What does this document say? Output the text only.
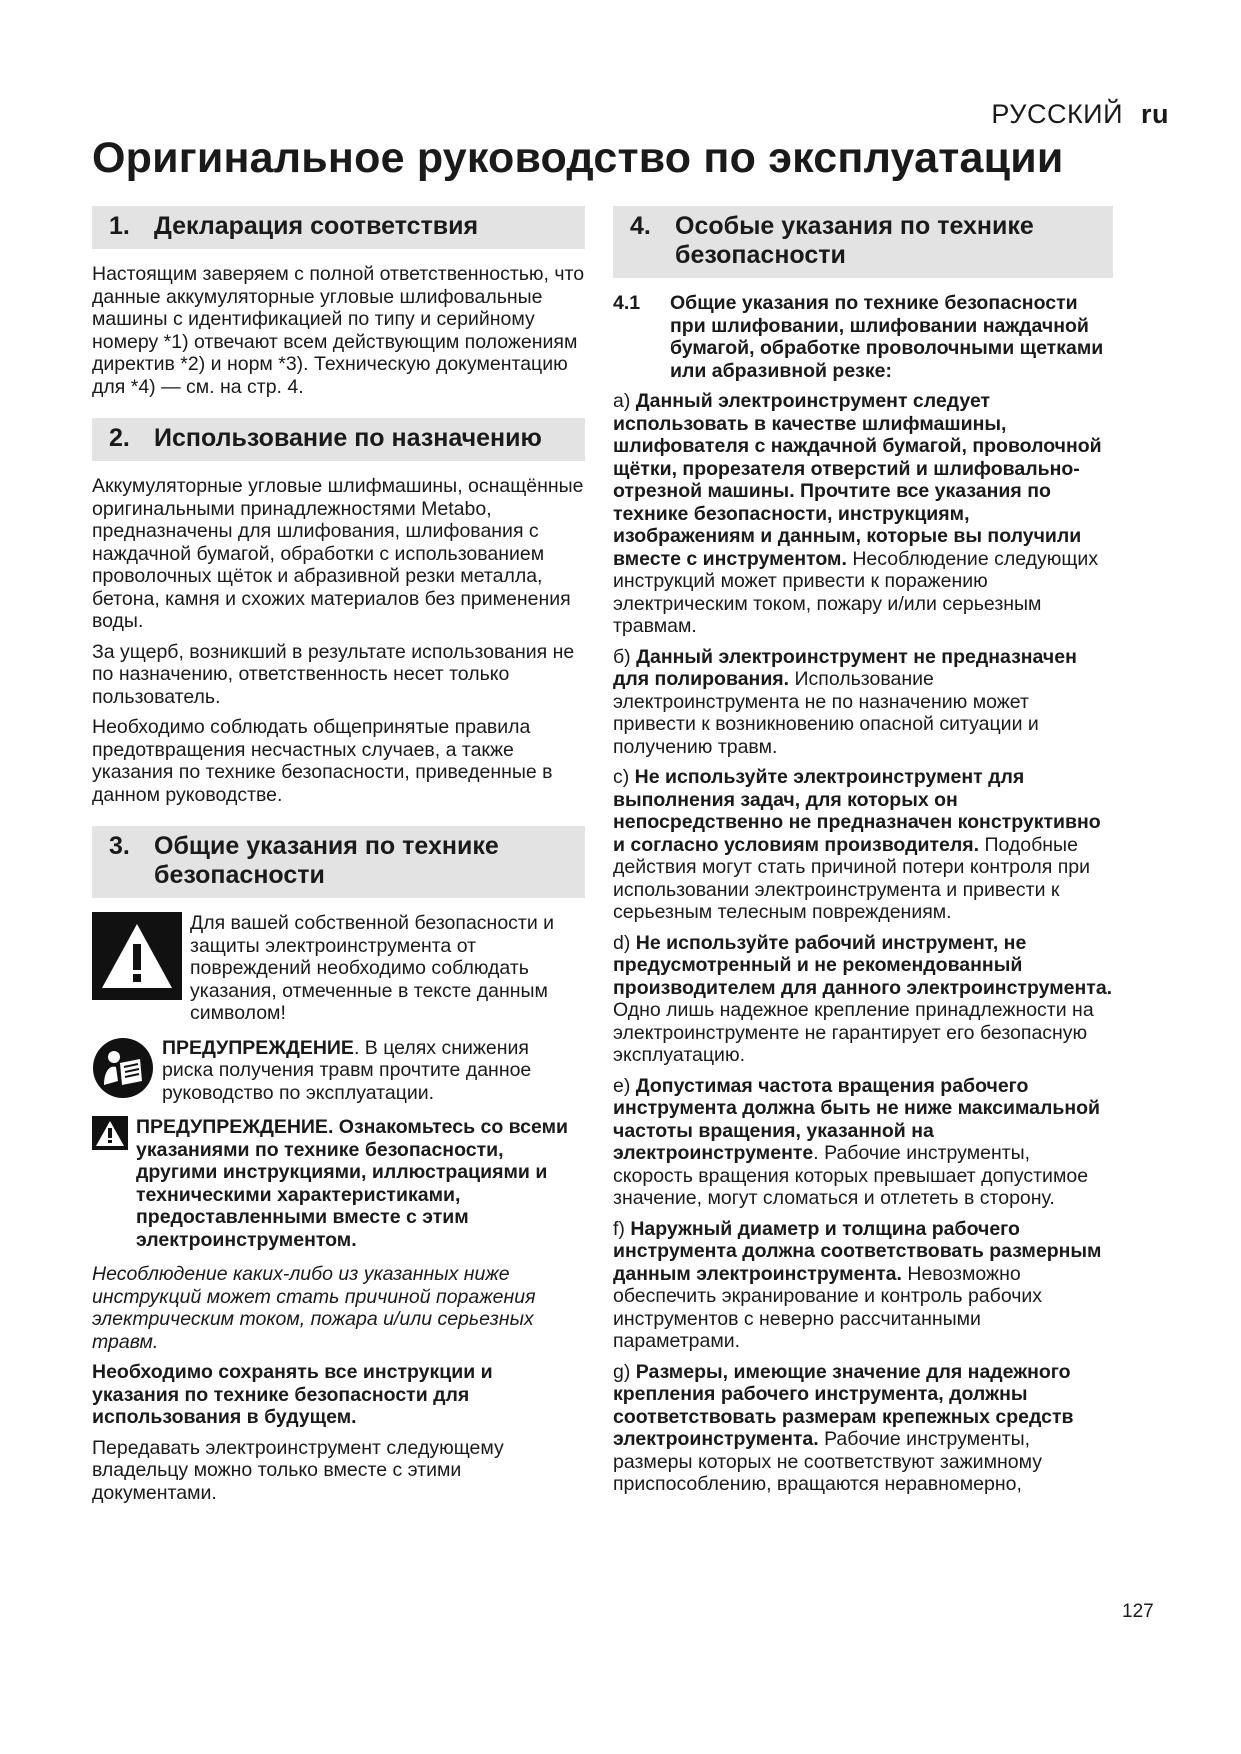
РУССКИЙ ru
Оригинальное руководство по эксплуатации
1. Декларация соответствия

Настоящим заверяем с полной ответственностью, что данные аккумуляторные угловые шлифовальные машины с идентификацией по типу и серийному номеру *1) отвечают всем действующим положениям директив *2) и норм *3). Техническую документацию для *4) — см. на стр. 4.

2. Использование по назначению

Аккумуляторные угловые шлифмашины, оснащённые оригинальными принадлежностями Metabo, предназначены для шлифования, шлифования с наждачной бумагой, обработки с использованием проволочных щёток и абразивной резки металла, бетона, камня и схожих материалов без применения воды.

За ущерб, возникший в результате использования не по назначению, ответственность несет только пользователь.

Необходимо соблюдать общепринятые правила предотвращения несчастных случаев, а также указания по технике безопасности, приведенные в данном руководстве.

3. Общие указания по технике безопасности

Для вашей собственной безопасности и защиты электроинструмента от повреждений необходимо соблюдать указания, отмеченные в тексте данным символом!

ПРЕДУПРЕЖДЕНИЕ. В целях снижения риска получения травм прочтите данное руководство по эксплуатации.

ПРЕДУПРЕЖДЕНИЕ. Ознакомьтесь со всеми указаниями по технике безопасности, другими инструкциями, иллюстрациями и техническими характеристиками, предоставленными вместе с этим электроинструментом.

Несоблюдение каких-либо из указанных ниже инструкций может стать причиной поражения электрическим током, пожара и/или серьезных травм.

Необходимо сохранять все инструкции и указания по технике безопасности для использования в будущем.

Передавать электроинструмент следующему владельцу можно только вместе с этими документами.

4. Особые указания по технике безопасности
4.1	Общие указания по технике безопасности при шлифовании, шлифовании наждачной бумагой, обработке проволочными щетками или абразивной резке:

a) Данный электроинструмент следует использовать в качестве шлифмашины, шлифователя с наждачной бумагой, проволочной щётки, прорезателя отверстий и шлифовально-отрезной машины. Прочтите все указания по технике безопасности, инструкциям, изображениям и данным, которые вы получили вместе с инструментом. Несоблюдение следующих инструкций может привести к поражению электрическим током, пожару и/или серьезным травмам.

б) Данный электроинструмент не предназначен для полирования. Использование электроинструмента не по назначению может привести к возникновению опасной ситуации и получению травм.

c) Не используйте электроинструмент для выполнения задач, для которых он непосредственно не предназначен конструктивно и согласно условиям производителя. Подобные действия могут стать причиной потери контроля при использовании электроинструмента и привести к серьезным телесным повреждениям.

d) Не используйте рабочий инструмент, не предусмотренный и не рекомендованный производителем для данного электроинструмента. Одно лишь надежное крепление принадлежности на электроинструменте не гарантирует его безопасную эксплуатацию.

e) Допустимая частота вращения рабочего инструмента должна быть не ниже максимальной частоты вращения, указанной на электроинструменте. Рабочие инструменты, скорость вращения которых превышает допустимое значение, могут сломаться и отлететь в сторону.

f) Наружный диаметр и толщина рабочего инструмента должна соответствовать размерным данным электроинструмента. Невозможно обеспечить экранирование и контроль рабочих инструментов с неверно рассчитанными параметрами.

g) Размеры, имеющие значение для надежного крепления рабочего инструмента, должны соответствовать размерам крепежных средств электроинструмента. Рабочие инструменты, размеры которых не соответствуют зажимному приспособлению, вращаются неравномерно,

127
